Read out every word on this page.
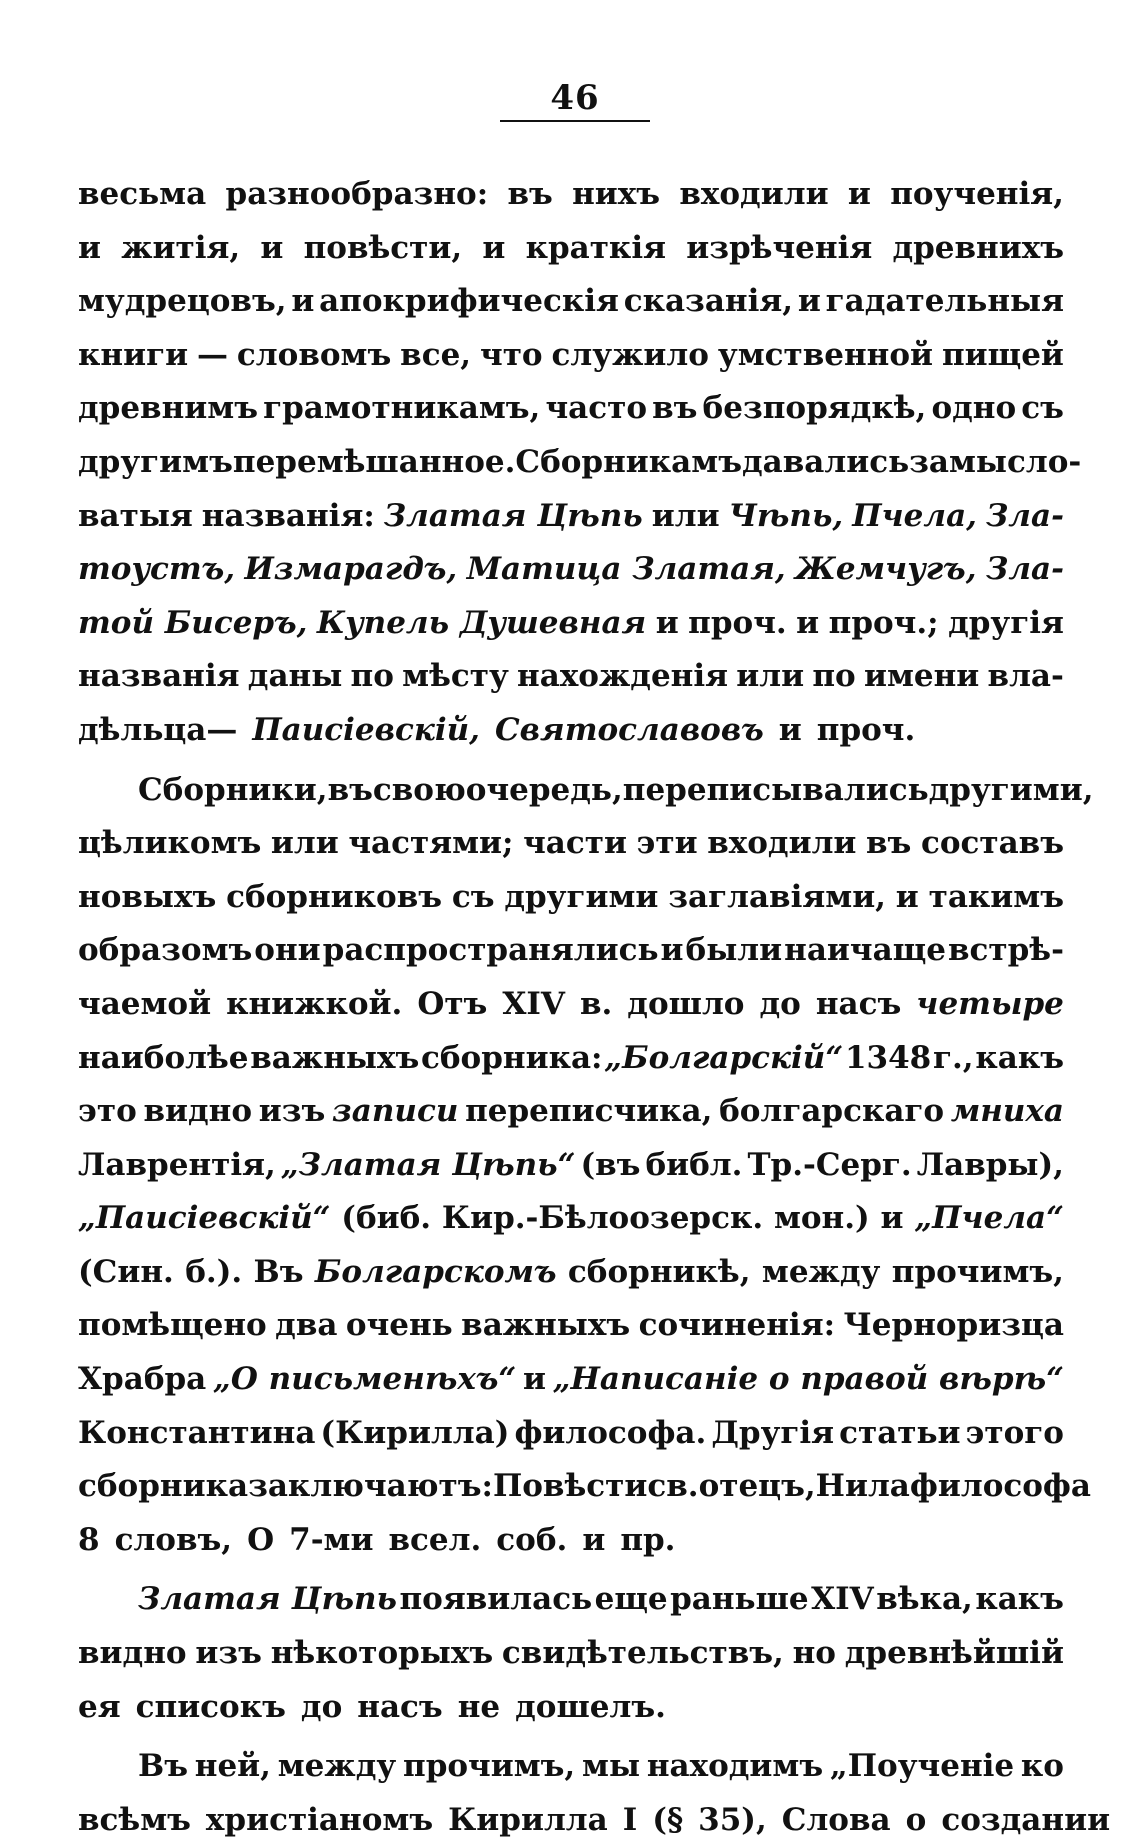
46
весьма разнообразно: въ нихъ входили и поученія,
и житія, и повѣсти, и краткія изрѣченія древнихъ
мудрецовъ, и апокрифическія сказанія, и гадательныя
книги — словомъ все, что служило умственной пищей
древнимъ грамотникамъ, часто въ безпорядкѣ, одно съ
другимъ перемѣшанное. Сборникамъ давались замысло-
ватыя названія: Златая Цѣпь или Чѣпь, Пчела, Зла-
тоустъ, Измарагдъ, Матица Златая, Жемчугъ, Зла-
той Бисеръ, Купель Душевная и проч. и проч.; другія
названія даны по мѣсту нахожденія или по имени вла-
дѣльца— Паисіевскій, Святославовъ и проч.
Сборники, въ свою очередь, переписывались другими,
цѣликомъ или частями; части эти входили въ составъ
новыхъ сборниковъ съ другими заглавіями, и такимъ
образомъ они распространялись и были наичаще встрѣ-
чаемой книжкой. Отъ XIV в. дошло до насъ четыре
наиболѣе важныхъ сборника: „Болгарскій“ 1348 г., какъ
это видно изъ записи переписчика, болгарскаго мниха
Лаврентія, „Златая Цѣпь“ (въ библ. Тр.-Серг. Лавры),
„Паисіевскій“ (биб. Кир.-Бѣлоозерск. мон.) и „Пчела“
(Син. б.). Въ Болгарскомъ сборникѣ, между прочимъ,
помѣщено два очень важныхъ сочиненія: Черноризца
Храбра „О письменѣхъ“ и „Написаніе о правой вѣрѣ“
Константина (Кирилла) философа. Другія статьи этого
сборника заключаютъ: Повѣсти св. отецъ, Нила философа
8 словъ, О 7-ми всел. соб. и пр.
Златая Цѣпь появилась еще раньше XIV вѣка, какъ
видно изъ нѣкоторыхъ свидѣтельствъ, но древнѣйшій
ея списокъ до насъ не дошелъ.
Въ ней, между прочимъ, мы находимъ „Поученіе ко
всѣмъ христіаномъ Кирилла I (§ 35), Слова о создании
